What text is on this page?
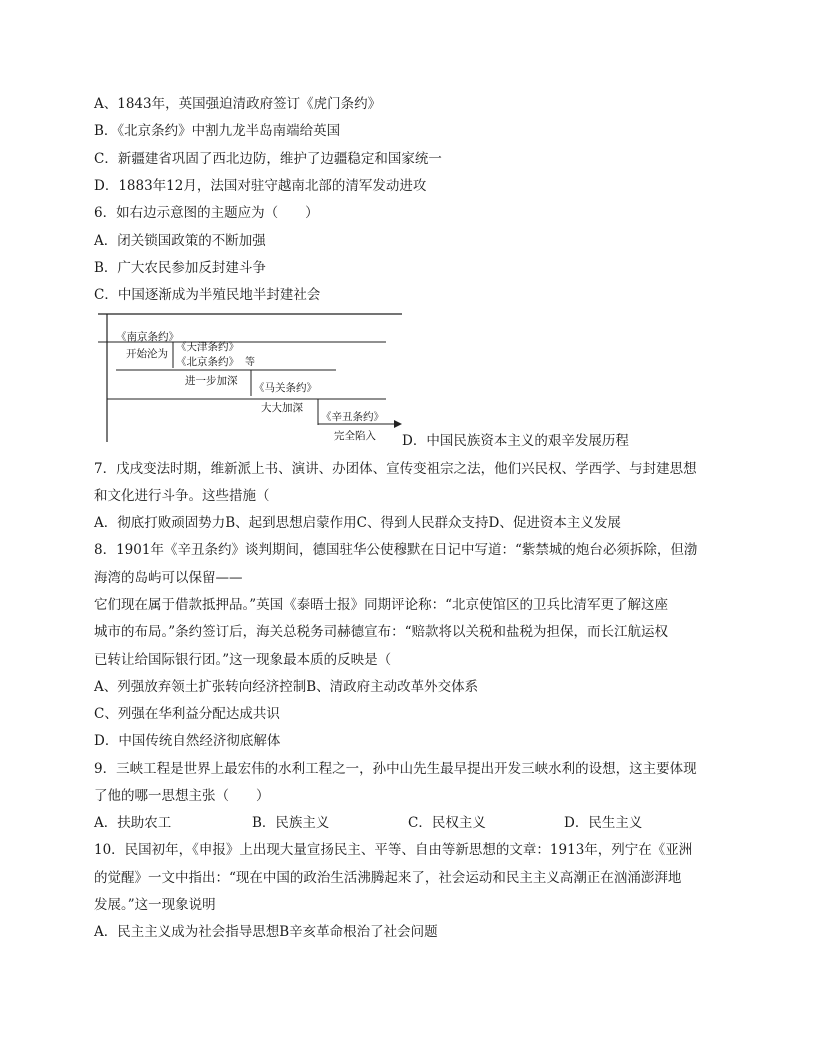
A、1843年，英国强迫清政府签订《虎门条约》
B．《北京条约》中割九龙半岛南端给英国
C．新疆建省巩固了西北边防，维护了边疆稳定和国家统一
D．1883年12月，法国对驻守越南北部的清军发动进攻
6．如右边示意图的主题应为（　　）
A．闭关锁国政策的不断加强
B．广大农民参加反封建斗争
C．中国逐渐成为半殖民地半封建社会
《南京条约》
开始沦为
《天津条约》
《北京条约》 等
进一步加深
《马关条约》
大大加深
《辛丑条约》
完全陷入 D．中国民族资本主义的艰辛发展历程
7．戊戌变法时期，维新派上书、演讲、办团体、宣传变祖宗之法，他们兴民权、学西学、与封建思想
和文化进行斗争。这些措施（
A．彻底打败顽固势力B、起到思想启蒙作用C、得到人民群众支持D、促进资本主义发展
8．1901年《辛丑条约》谈判期间，德国驻华公使穆默在日记中写道：“紫禁城的炮台必须拆除，但渤
海湾的岛屿可以保留——
它们现在属于借款抵押品。”英国《泰晤士报》同期评论称：“北京使馆区的卫兵比清军更了解这座
城市的布局。”条约签订后，海关总税务司赫德宣布：“赔款将以关税和盐税为担保，而长江航运权
已转让给国际银行团。”这一现象最本质的反映是（
A、列强放弃领土扩张转向经济控制B、清政府主动改革外交体系
C、列强在华利益分配达成共识
D．中国传统自然经济彻底解体
9．三峡工程是世界上最宏伟的水利工程之一，孙中山先生最早提出开发三峡水利的设想，这主要体现
了他的哪一思想主张（　　）
A．扶助农工	B．民族主义	C．民权主义	D．民生主义
10．民国初年，《申报》上出现大量宣扬民主、平等、自由等新思想的文章：1913年，列宁在《亚洲
的觉醒》一文中指出：“现在中国的政治生活沸腾起来了，社会运动和民主主义高潮正在汹涌澎湃地
发展。”这一现象说明
A．民主主义成为社会指导思想B辛亥革命根治了社会问题
